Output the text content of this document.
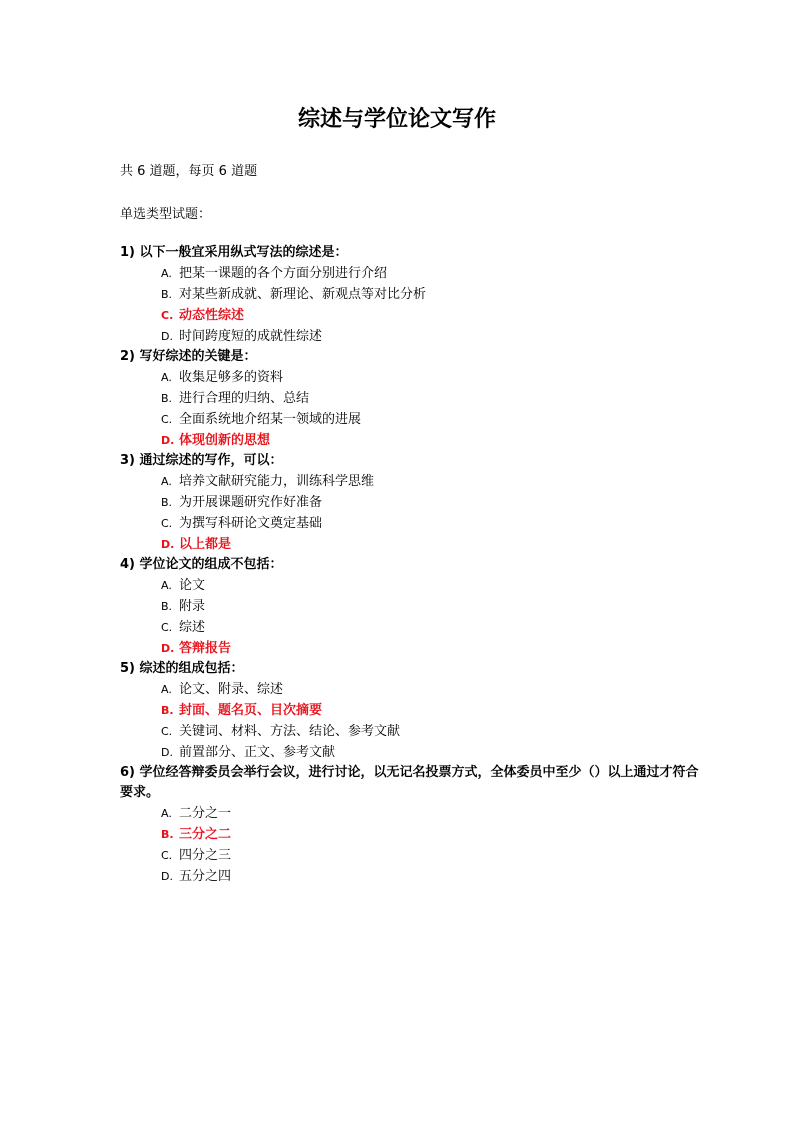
综述与学位论文写作
共 6 道题，每页 6 道题
单选类型试题：

1) 以下一般宜采用纵式写法的综述是：

A. 把某一课题的各个方面分别进行介绍
B. 对某些新成就、新理论、新观点等对比分析
C. 动态性综述
D. 时间跨度短的成就性综述

2) 写好综述的关键是：

A. 收集足够多的资料
B. 进行合理的归纳、总结
C. 全面系统地介绍某一领域的进展
D. 体现创新的思想

3) 通过综述的写作，可以：

A. 培养文献研究能力，训练科学思维
B. 为开展课题研究作好准备
C. 为撰写科研论文奠定基础
D. 以上都是

4) 学位论文的组成不包括：

A. 论文
B. 附录
C. 综述
D. 答辩报告

5) 综述的组成包括：

A. 论文、附录、综述
B. 封面、题名页、目次摘要
C. 关键词、材料、方法、结论、参考文献
D. 前置部分、正文、参考文献

6) 学位经答辩委员会举行会议，进行讨论，以无记名投票方式，全体委员中至少（）以上通过才符合要求。

A. 二分之一
B. 三分之二
C. 四分之三
D. 五分之四
